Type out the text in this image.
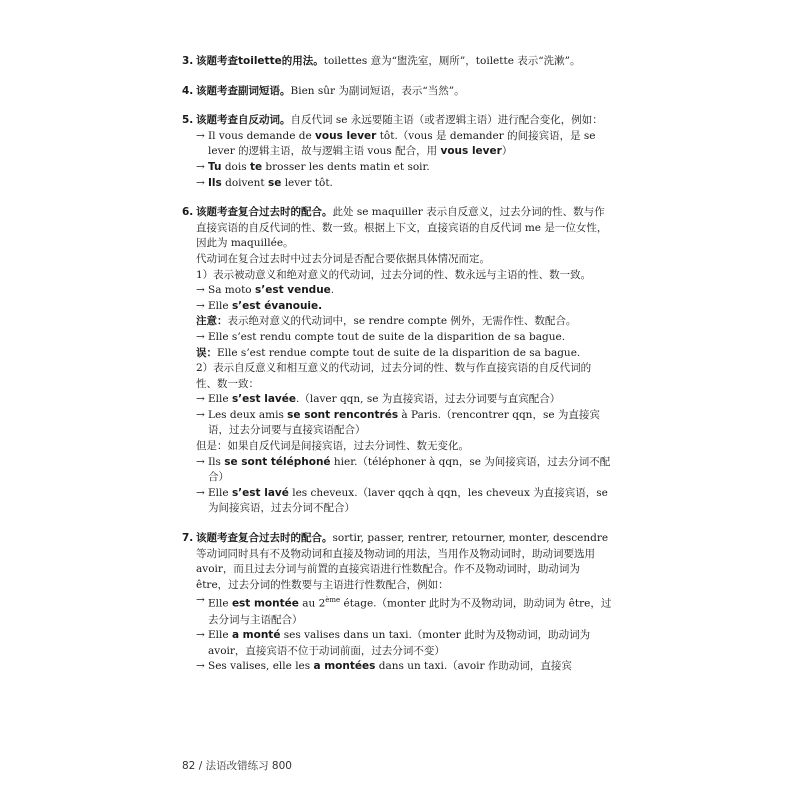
3. 该题考查toilette的用法。toilettes 意为“盥洗室，厕所”，toilette 表示“洗漱”。
4. 该题考查副词短语。Bien sûr 为副词短语，表示“当然”。
5. 该题考查自反动词。自反代词 se 永远要随主语（或者逻辑主语）进行配合变化，例如：
→ Il vous demande de vous lever tôt.（vous 是 demander 的间接宾语，是 se lever 的逻辑主语，故与逻辑主语 vous 配合，用 vous lever）
→ Tu dois te brosser les dents matin et soir.
→ Ils doivent se lever tôt.
6. 该题考查复合过去时的配合。此处 se maquiller 表示自反意义，过去分词的性、数与作直接宾语的自反代词的性、数一致。根据上下文，直接宾语的自反代词 me 是一位女性，因此为 maquillée。
代动词在复合过去时中过去分词是否配合要依据具体情况而定。
1）表示被动意义和绝对意义的代动词，过去分词的性、数永远与主语的性、数一致。
→ Sa moto s’est vendue.
→ Elle s’est évanouie.
注意：表示绝对意义的代动词中，se rendre compte 例外，无需作性、数配合。
→ Elle s’est rendu compte tout de suite de la disparition de sa bague.
误：Elle s’est rendue compte tout de suite de la disparition de sa bague.
2）表示自反意义和相互意义的代动词，过去分词的性、数与作直接宾语的自反代词的性、数一致：
→ Elle s’est lavée.（laver qqn, se 为直接宾语，过去分词要与直宾配合）
→ Les deux amis se sont rencontrés à Paris.（rencontrer qqn，se 为直接宾语，过去分词要与直接宾语配合）
但是：如果自反代词是间接宾语，过去分词性、数无变化。
→ Ils se sont téléphoné hier.（téléphoner à qqn，se 为间接宾语，过去分词不配合）
→ Elle s’est lavé les cheveux.（laver qqch à qqn，les cheveux 为直接宾语，se 为间接宾语，过去分词不配合）
7. 该题考查复合过去时的配合。sortir, passer, rentrer, retourner, monter, descendre 等动词同时具有不及物动词和直接及物动词的用法，当用作及物动词时，助动词要选用 avoir，而且过去分词与前置的直接宾语进行性数配合。作不及物动词时，助动词为 être，过去分词的性数要与主语进行性数配合，例如：
→ Elle est montée au 2ème étage.（monter 此时为不及物动词，助动词为 être，过去分词与主语配合）
→ Elle a monté ses valises dans un taxi.（monter 此时为及物动词，助动词为 avoir，直接宾语不位于动词前面，过去分词不变）
→ Ses valises, elle les a montées dans un taxi.（avoir 作助动词，直接宾
82 / 法语改错练习 800
